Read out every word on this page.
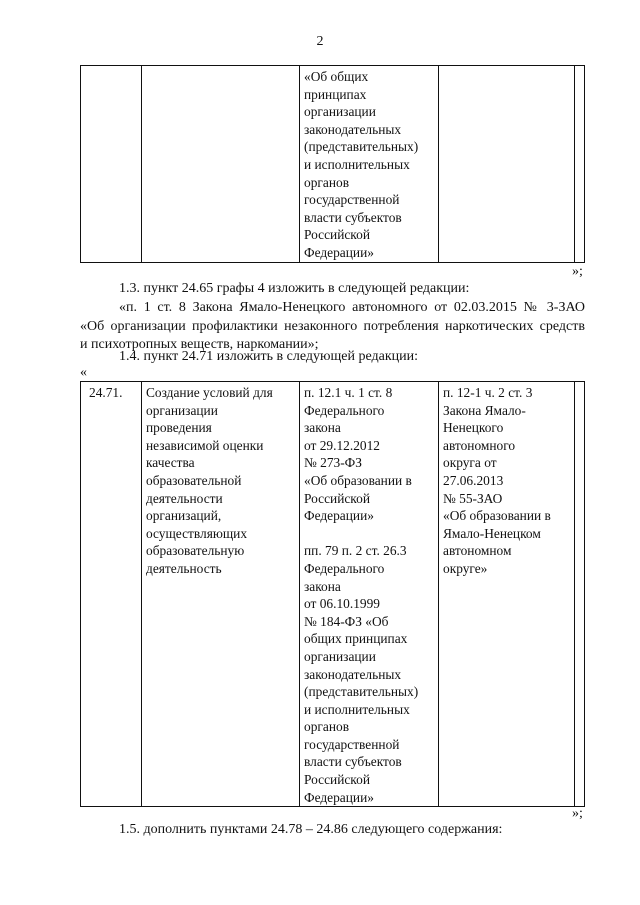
2
		«Об общих
принципах
организации
законодательных
(представительных)
и исполнительных
органов
государственной
власти субъектов
Российской
Федерации»		
»;
1.3. пункт 24.65 графы 4 изложить в следующей редакции:
«п. 1 ст. 8 Закона Ямало-Ненецкого автономного от 02.03.2015 № 3-ЗАО
«Об организации профилактики незаконного потребления наркотических средств
и психотропных веществ, наркомании»;
1.4. пункт 24.71 изложить в следующей редакции:
«
24.71.	Создание условий для
организации
проведения
независимой оценки
качества
образовательной
деятельности
организаций,
осуществляющих
образовательную
деятельность	п. 12.1 ч. 1 ст. 8
Федерального
закона
от 29.12.2012
№ 273-ФЗ
«Об образовании в
Российской
Федерации»

пп. 79 п. 2 ст. 26.3
Федерального
закона
от 06.10.1999
№ 184-ФЗ «Об
общих принципах
организации
законодательных
(представительных)
и исполнительных
органов
государственной
власти субъектов
Российской
Федерации»	п. 12-1 ч. 2 ст. 3
Закона Ямало-
Ненецкого
автономного
округа от
27.06.2013
№ 55-ЗАО
«Об образовании в
Ямало-Ненецком
автономном
округе»	
»;
1.5. дополнить пунктами 24.78 – 24.86 следующего содержания:
